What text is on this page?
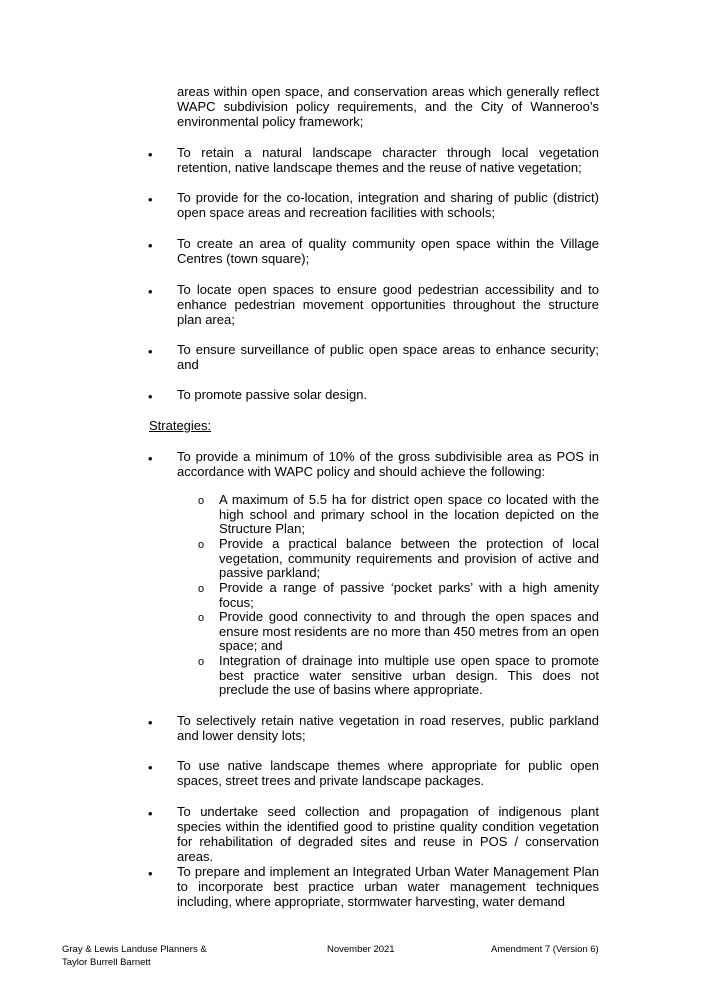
areas within open space, and conservation areas which generally reflect WAPC subdivision policy requirements, and the City of Wanneroo’s environmental policy framework;

• To retain a natural landscape character through local vegetation retention, native landscape themes and the reuse of native vegetation;

• To provide for the co-location, integration and sharing of public (district) open space areas and recreation facilities with schools;

• To create an area of quality community open space within the Village Centres (town square);

• To locate open spaces to ensure good pedestrian accessibility and to enhance pedestrian movement opportunities throughout the structure plan area;

• To ensure surveillance of public open space areas to enhance security; and

• To promote passive solar design.

Strategies:
• To provide a minimum of 10% of the gross subdivisible area as POS in accordance with WAPC policy and should achieve the following:

o A maximum of 5.5 ha for district open space co located with the high school and primary school in the location depicted on the Structure Plan;

o Provide a practical balance between the protection of local vegetation, community requirements and provision of active and passive parkland;

o Provide a range of passive ‘pocket parks’ with a high amenity focus;

o Provide good connectivity to and through the open spaces and ensure most residents are no more than 450 metres from an open space; and

o Integration of drainage into multiple use open space to promote best practice water sensitive urban design. This does not preclude the use of basins where appropriate.

• To selectively retain native vegetation in road reserves, public parkland and lower density lots;

• To use native landscape themes where appropriate for public open spaces, street trees and private landscape packages.

• To undertake seed collection and propagation of indigenous plant species within the identified good to pristine quality condition vegetation for rehabilitation of degraded sites and reuse in POS / conservation areas.

• To prepare and implement an Integrated Urban Water Management Plan to incorporate best practice urban water management techniques including, where appropriate, stormwater harvesting, water demand

Gray & Lewis Landuse Planners &
Taylor Burrell Barnett
November 2021	Amendment 7 (Version 6)
